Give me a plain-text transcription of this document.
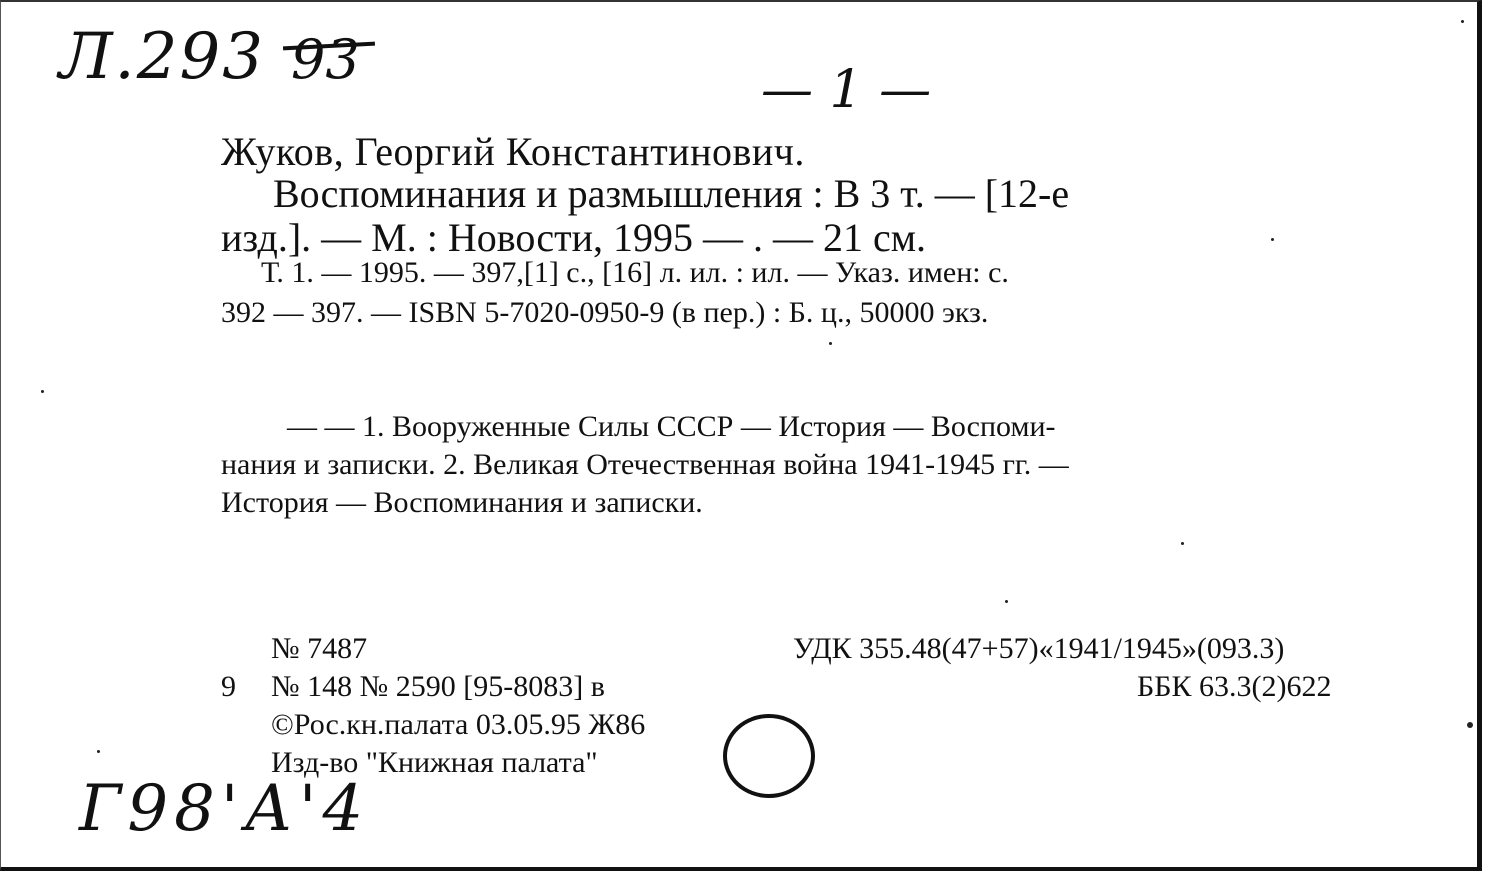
Л.293 93	— 1 —
Жуков, Георгий Константинович.
Воспоминания и размышления : В 3 т. — [12-е
изд.]. — М. : Новости, 1995 — . — 21 см.
Т. 1. — 1995. — 397,[1] с., [16] л. ил. : ил. — Указ. имен: с.
392 — 397. — ISBN 5-7020-0950-9 (в пер.) : Б. ц., 50000 экз.
— — 1. Вооруженные Силы СССР — История — Воспоми-
нания и записки. 2. Великая Отечественная война 1941-1945 гг. —
История — Воспоминания и записки.
№ 7487
9 № 148 № 2590 [95-8083] в
©Рос.кн.палата 03.05.95 Ж86
Изд-во "Книжная палата"
УДК 355.48(47+57)«1941/1945»(093.3)
ББК 63.3(2)622
Г98'А'4
